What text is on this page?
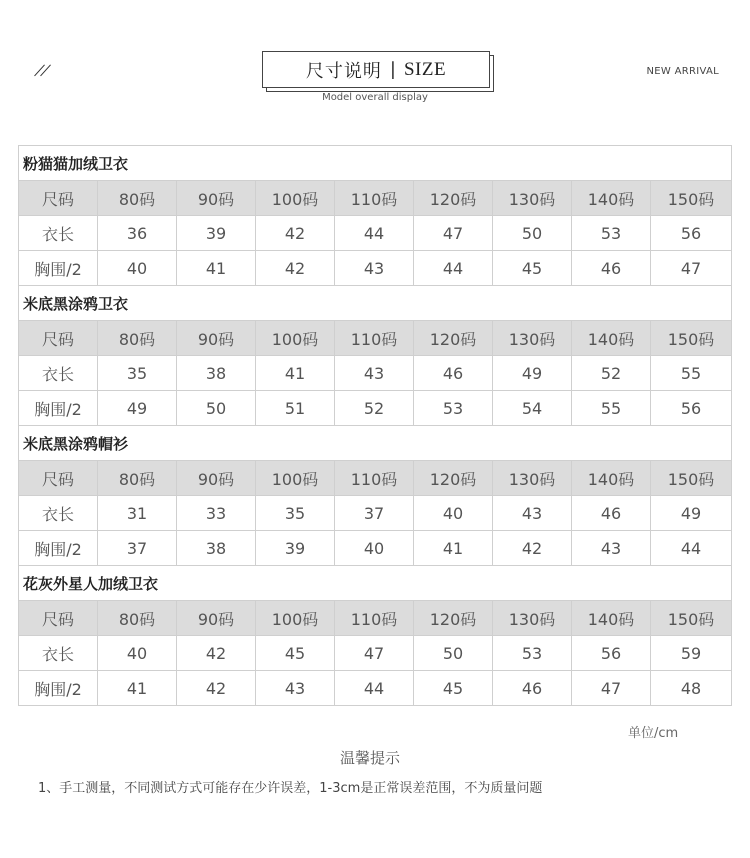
尺寸说明 | SIZE
Model overall display
NEW ARRIVAL
粉猫猫加绒卫衣								
尺码	80码	90码	100码	110码	120码	130码	140码	150码
衣长	36	39	42	44	47	50	53	56
胸围/2	40	41	42	43	44	45	46	47
米底黑涂鸦卫衣								
尺码	80码	90码	100码	110码	120码	130码	140码	150码
衣长	35	38	41	43	46	49	52	55
胸围/2	49	50	51	52	53	54	55	56
米底黑涂鸦帽衫								
尺码	80码	90码	100码	110码	120码	130码	140码	150码
衣长	31	33	35	37	40	43	46	49
胸围/2	37	38	39	40	41	42	43	44
花灰外星人加绒卫衣								
尺码	80码	90码	100码	110码	120码	130码	140码	150码
衣长	40	42	45	47	50	53	56	59
胸围/2	41	42	43	44	45	46	47	48
单位/cm
温馨提示
1、手工测量，不同测试方式可能存在少许误差，1-3cm是正常误差范围，不为质量问题
